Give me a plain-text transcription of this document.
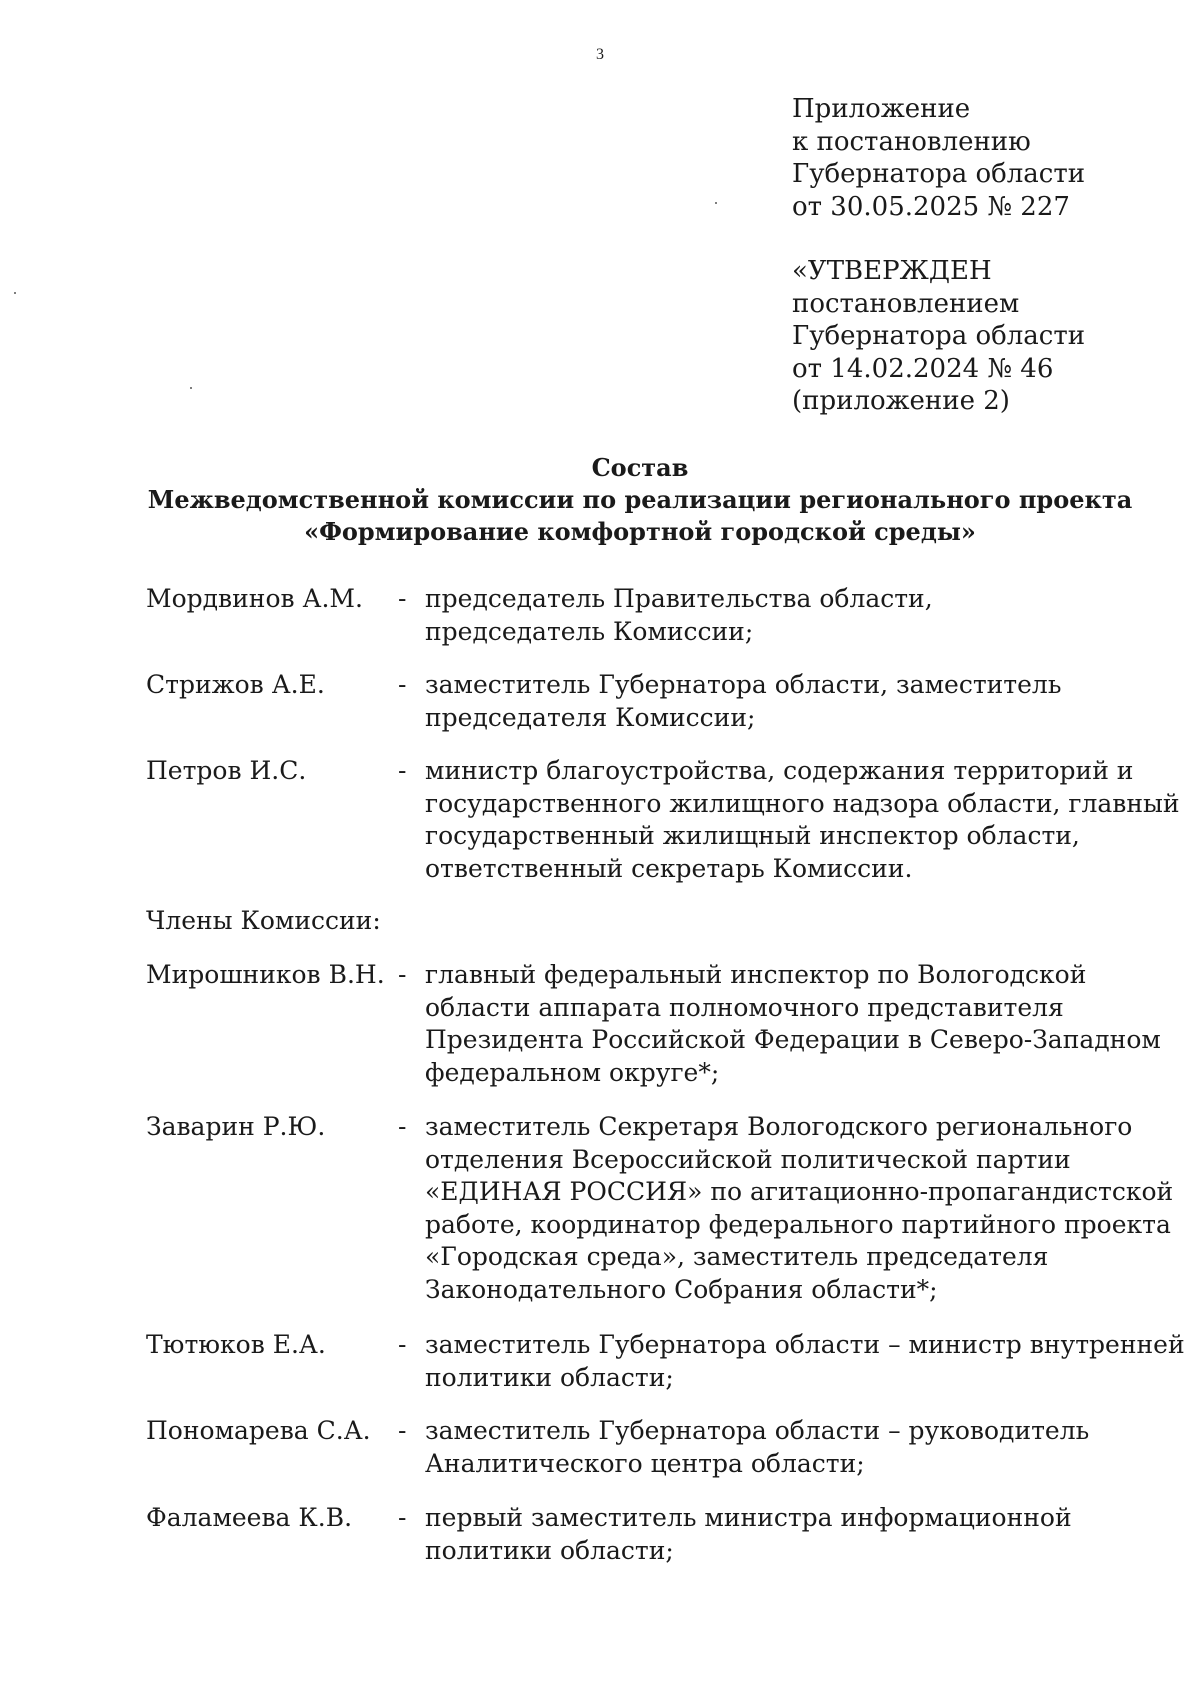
3
Приложение
к постановлению
Губернатора области
от 30.05.2025 № 227
«УТВЕРЖДЕН
постановлением
Губернатора области
от 14.02.2024 № 46
(приложение 2)
Состав
Межведомственной комиссии по реализации регионального проекта
«Формирование комфортной городской среды»
Мордвинов А.М. - председатель Правительства области,
председатель Комиссии;
Стрижов А.Е.	- заместитель Губернатора области, заместитель
председателя Комиссии;
Петров И.С.	- министр благоустройства, содержания территорий и
государственного жилищного надзора области, главный
государственный жилищный инспектор области,
ответственный секретарь Комиссии.
Члены Комиссии:
Мирошников В.Н. - главный федеральный инспектор по Вологодской
области аппарата полномочного представителя
Президента Российской Федерации в Северо-Западном
федеральном округе*;
Заварин Р.Ю.	- заместитель Секретаря Вологодского регионального
отделения Всероссийской политической партии
«ЕДИНАЯ РОССИЯ» по агитационно-пропагандистской
работе, координатор федерального партийного проекта
«Городская среда», заместитель председателя
Законодательного Собрания области*;
Тютюков Е.А.	- заместитель Губернатора области – министр внутренней
политики области;
Пономарева С.А. - заместитель Губернатора области – руководитель
Аналитического центра области;
Фаламеева К.В. - первый заместитель министра информационной
политики области;
